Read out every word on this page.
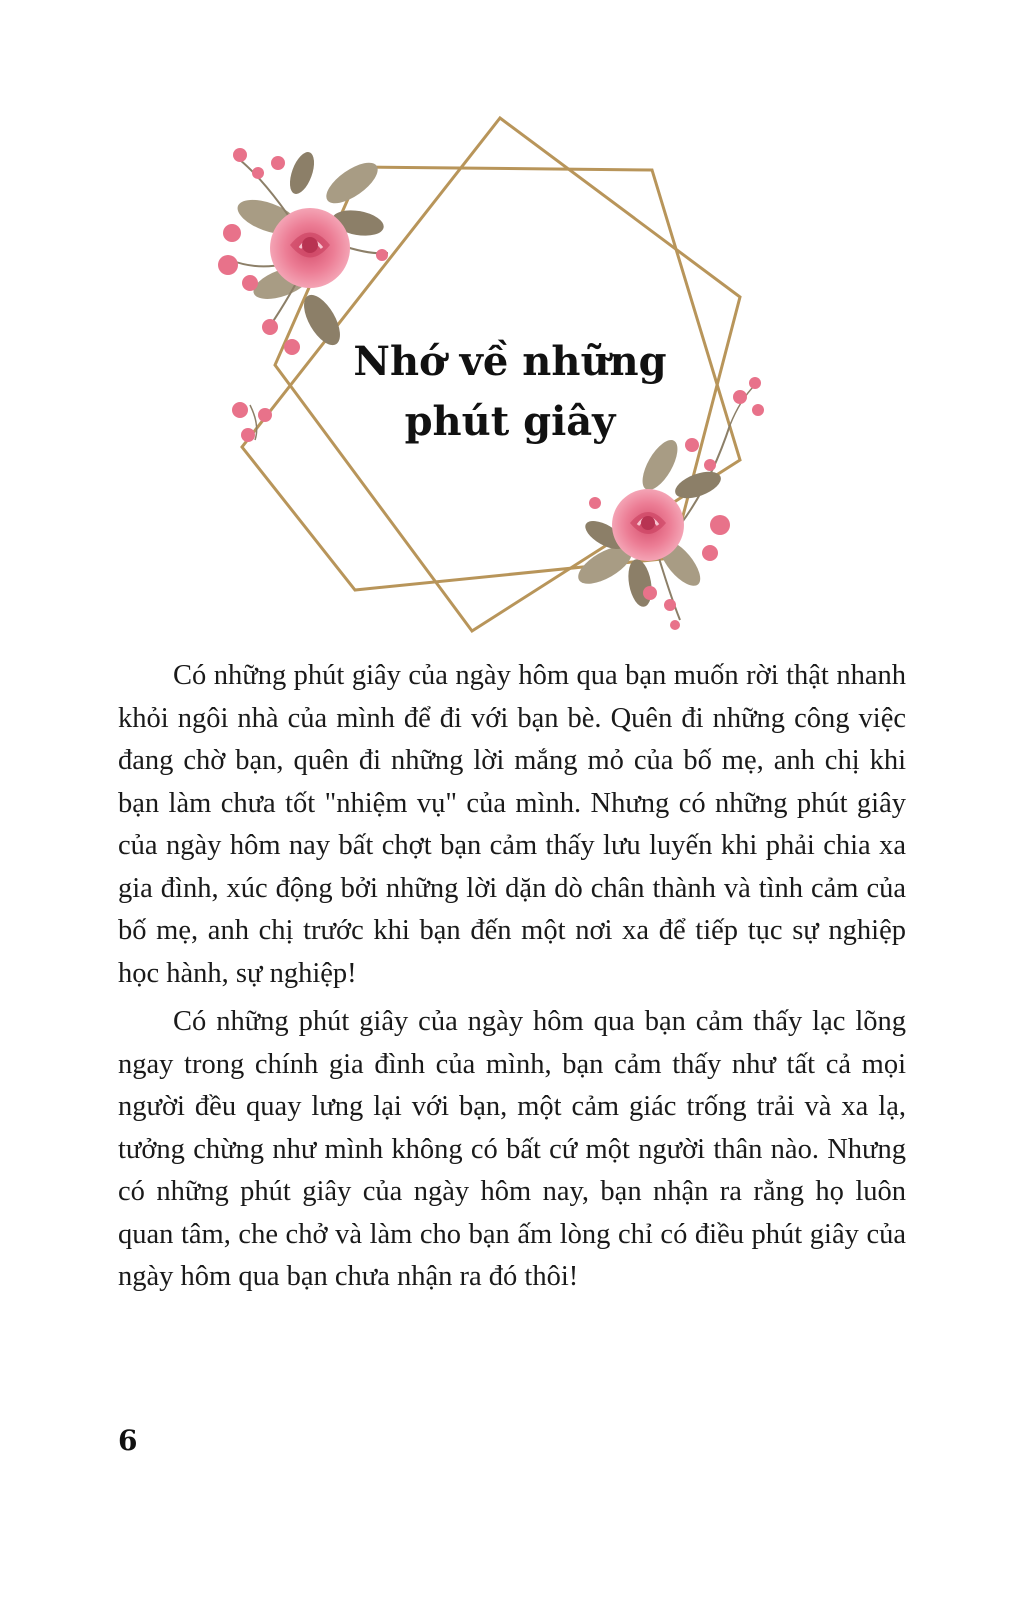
Nhớ về những
phút giây

Có những phút giây của ngày hôm qua bạn muốn rời thật nhanh khỏi ngôi nhà của mình để đi với bạn bè. Quên đi những công việc đang chờ bạn, quên đi những lời mắng mỏ của bố mẹ, anh chị khi bạn làm chưa tốt "nhiệm vụ" của mình. Nhưng có những phút giây của ngày hôm nay bất chợt bạn cảm thấy lưu luyến khi phải chia xa gia đình, xúc động bởi những lời dặn dò chân thành và tình cảm của bố mẹ, anh chị trước khi bạn đến một nơi xa để tiếp tục sự nghiệp học hành, sự nghiệp!

Có những phút giây của ngày hôm qua bạn cảm thấy lạc lõng ngay trong chính gia đình của mình, bạn cảm thấy như tất cả mọi người đều quay lưng lại với bạn, một cảm giác trống trải và xa lạ, tưởng chừng như mình không có bất cứ một người thân nào. Nhưng có những phút giây của ngày hôm nay, bạn nhận ra rằng họ luôn quan tâm, che chở và làm cho bạn ấm lòng chỉ có điều phút giây của ngày hôm qua bạn chưa nhận ra đó thôi!

6
